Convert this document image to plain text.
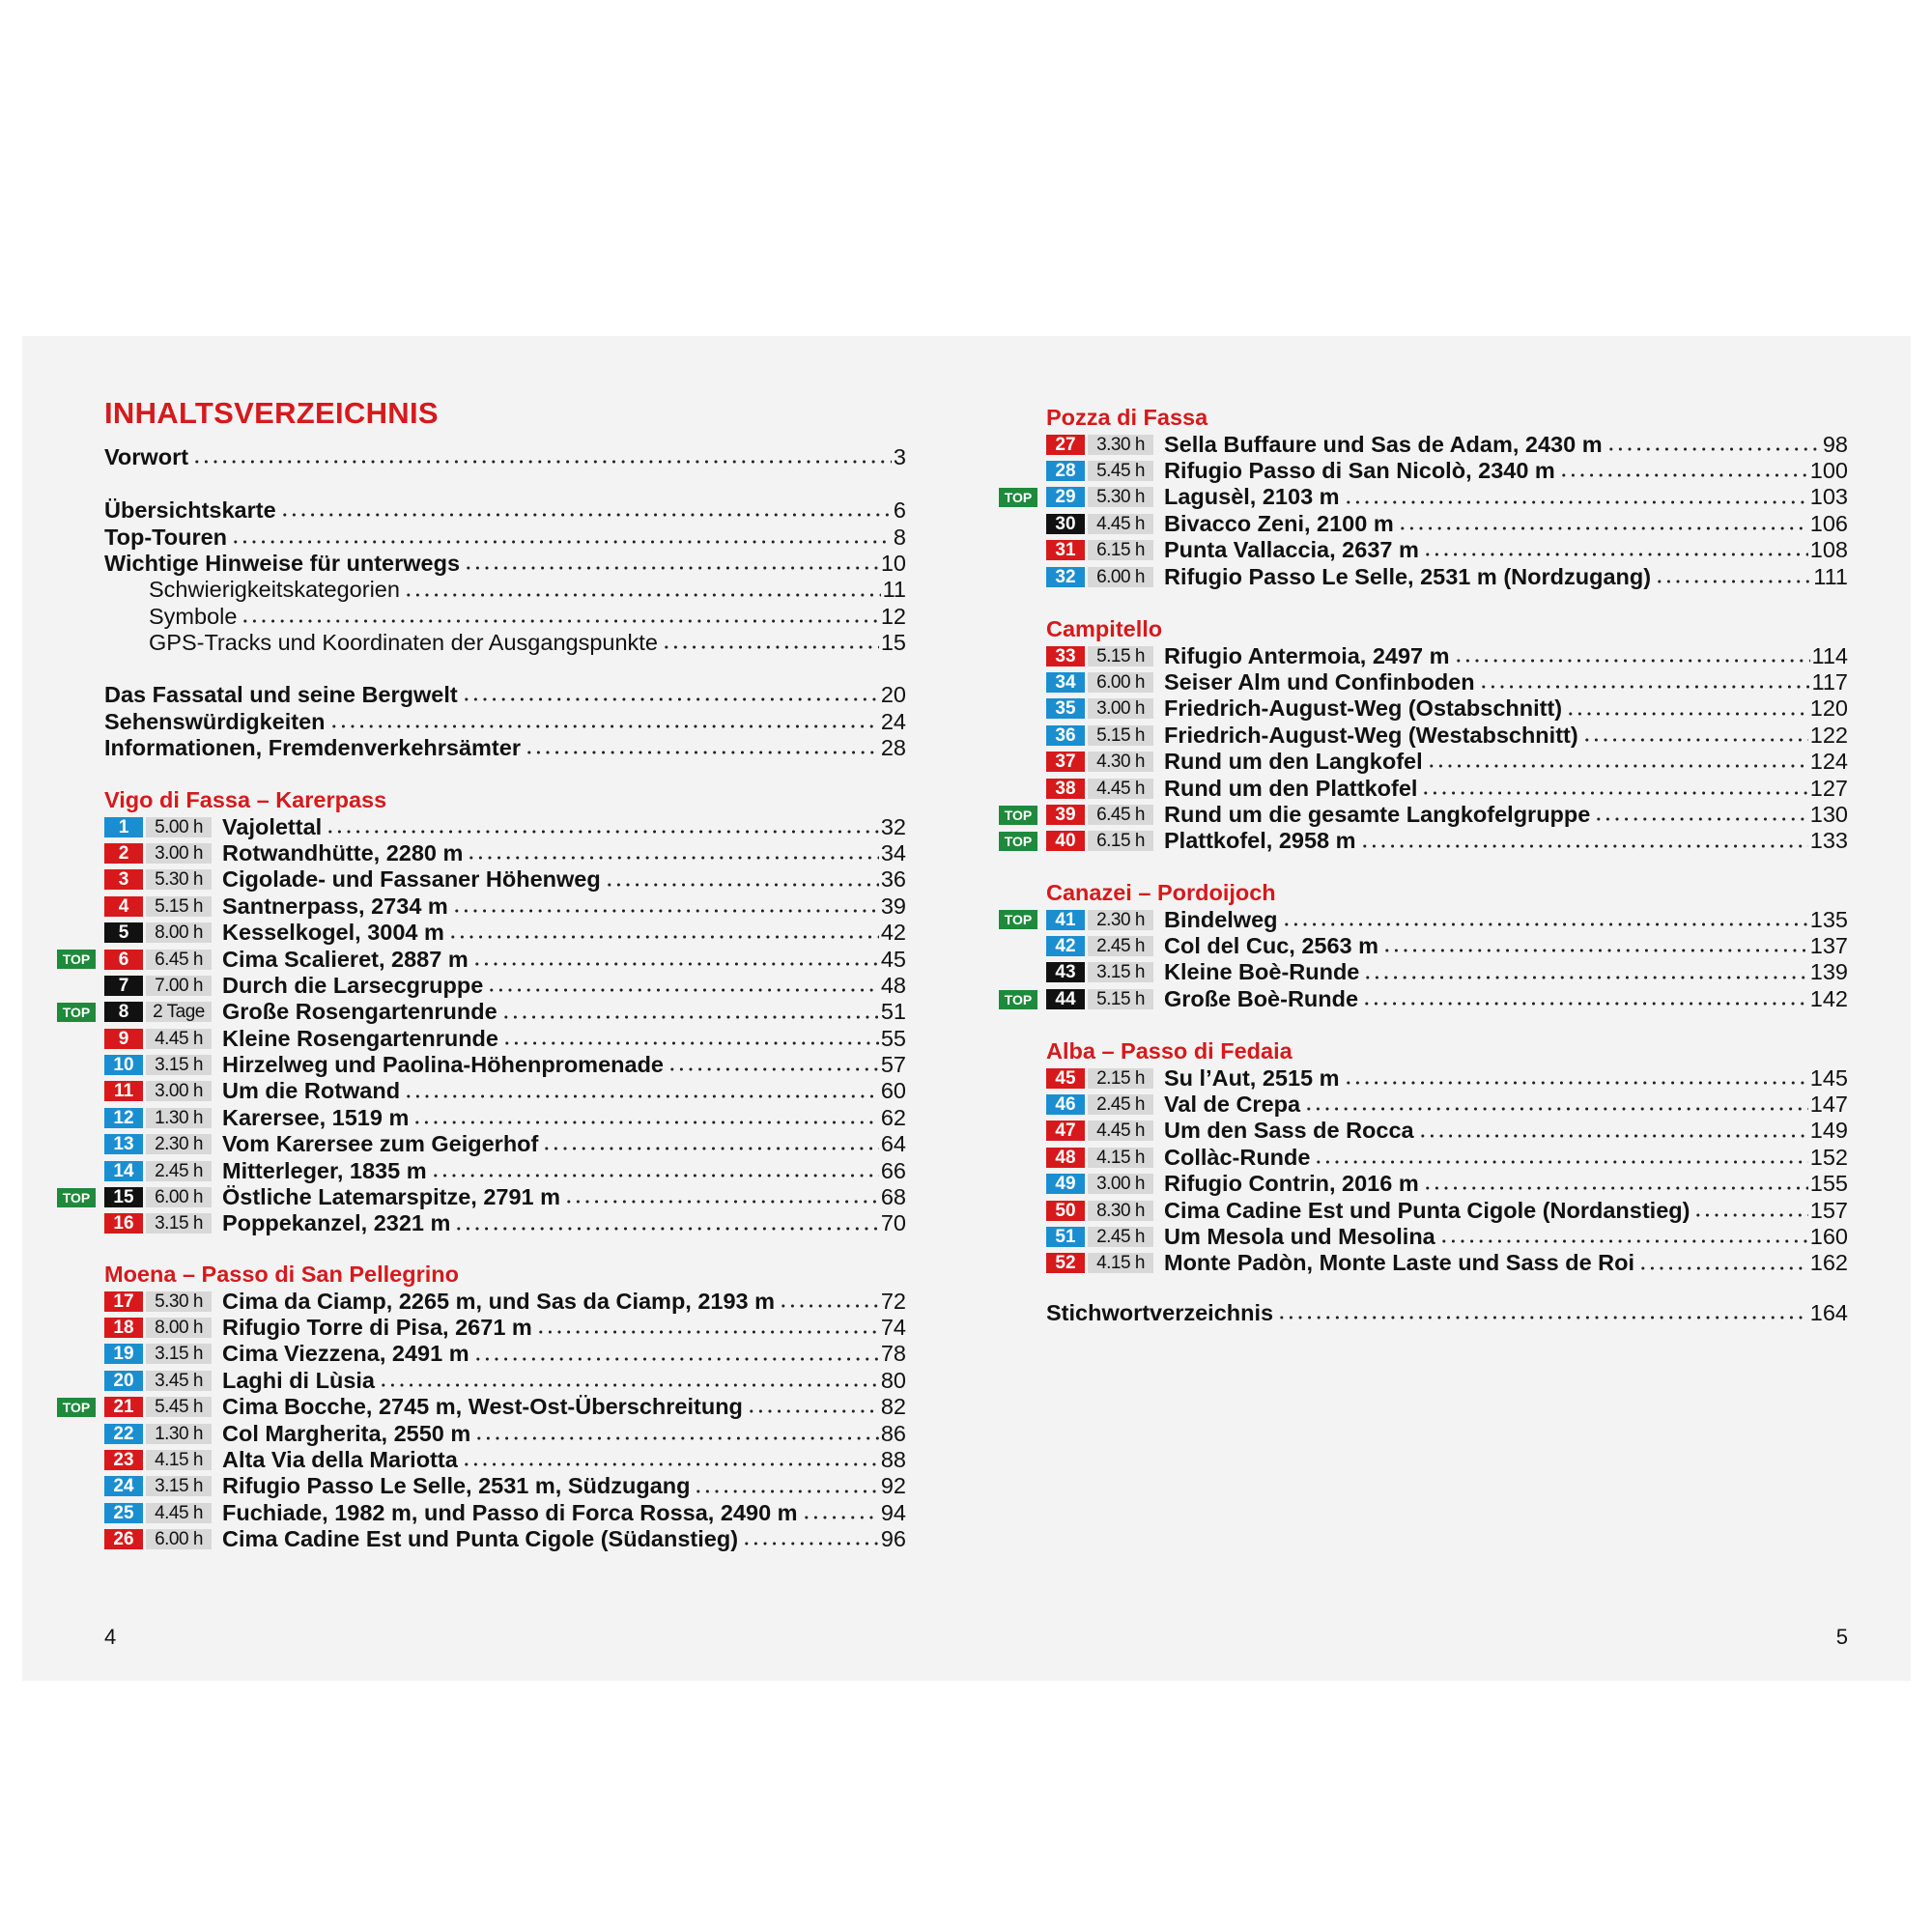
INHALTSVERZEICHNIS
Vorwort	3
Übersichtskarte	6
Top-Touren	8
Wichtige Hinweise für unterwegs	10
Schwierigkeitskategorien	11
Symbole	12
GPS-Tracks und Koordinaten der Ausgangspunkte	15
Das Fassatal und seine Bergwelt	20
Sehenswürdigkeiten	24
Informationen, Fremdenverkehrsämter	28
Vigo di Fassa – Karerpass
1	5.00 h Vajolettal	32
2	3.00 h Rotwandhütte, 2280 m	34
3	5.30 h Cigolade- und Fassaner Höhenweg	36
4	5.15 h Santnerpass, 2734 m	39
5	8.00 h Kesselkogel, 3004 m	42
TOP	6	6.45 h Cima Scalieret, 2887 m	45
7	7.00 h Durch die Larsecgruppe	48
TOP	8	2 Tage Große Rosengartenrunde	51
9	4.45 h Kleine Rosengartenrunde	55
10	3.15 h Hirzelweg und Paolina-Höhenpromenade	57
11	3.00 h Um die Rotwand	60
12	1.30 h Karersee, 1519 m	62
13	2.30 h Vom Karersee zum Geigerhof	64
14	2.45 h Mitterleger, 1835 m	66
TOP	15	6.00 h Östliche Latemarspitze, 2791 m	68
16	3.15 h Poppekanzel, 2321 m	70
Moena – Passo di San Pellegrino
17	5.30 h Cima da Ciamp, 2265 m, und Sas da Ciamp, 2193 m	72
18	8.00 h Rifugio Torre di Pisa, 2671 m	74
19	3.15 h Cima Viezzena, 2491 m	78
20	3.45 h Laghi di Lùsia	80
TOP	21	5.45 h Cima Bocche, 2745 m, West-Ost-Überschreitung	82
22	1.30 h Col Margherita, 2550 m	86
23	4.15 h Alta Via della Mariotta	88
24	3.15 h Rifugio Passo Le Selle, 2531 m, Südzugang	92
25	4.45 h Fuchiade, 1982 m, und Passo di Forca Rossa, 2490 m	94
26	6.00 h Cima Cadine Est und Punta Cigole (Südanstieg)	96
4
Pozza di Fassa
27	3.30 h Sella Buffaure und Sas de Adam, 2430 m	98
28	5.45 h Rifugio Passo di San Nicolò, 2340 m	100
TOP	29	5.30 h Lagusèl, 2103 m	103
30	4.45 h Bivacco Zeni, 2100 m	106
31	6.15 h Punta Vallaccia, 2637 m	108
32	6.00 h Rifugio Passo Le Selle, 2531 m (Nordzugang)	111
Campitello
33	5.15 h Rifugio Antermoia, 2497 m	114
34	6.00 h Seiser Alm und Confinboden	117
35	3.00 h Friedrich-August-Weg (Ostabschnitt)	120
36	5.15 h Friedrich-August-Weg (Westabschnitt)	122
37	4.30 h Rund um den Langkofel	124
38	4.45 h Rund um den Plattkofel	127
TOP	39	6.45 h Rund um die gesamte Langkofelgruppe	130
TOP	40	6.15 h Plattkofel, 2958 m	133
Canazei – Pordoijoch
TOP	41	2.30 h Bindelweg	135
42	2.45 h Col del Cuc, 2563 m	137
43	3.15 h Kleine Boè-Runde	139
TOP	44	5.15 h Große Boè-Runde	142
Alba – Passo di Fedaia
45	2.15 h Su l’Aut, 2515 m	145
46	2.45 h Val de Crepa	147
47	4.45 h Um den Sass de Rocca	149
48	4.15 h Collàc-Runde	152
49	3.00 h Rifugio Contrin, 2016 m	155
50	8.30 h Cima Cadine Est und Punta Cigole (Nordanstieg)	157
51	2.45 h Um Mesola und Mesolina	160
52	4.15 h Monte Padòn, Monte Laste und Sass de Roi	162
Stichwortverzeichnis	164
5
